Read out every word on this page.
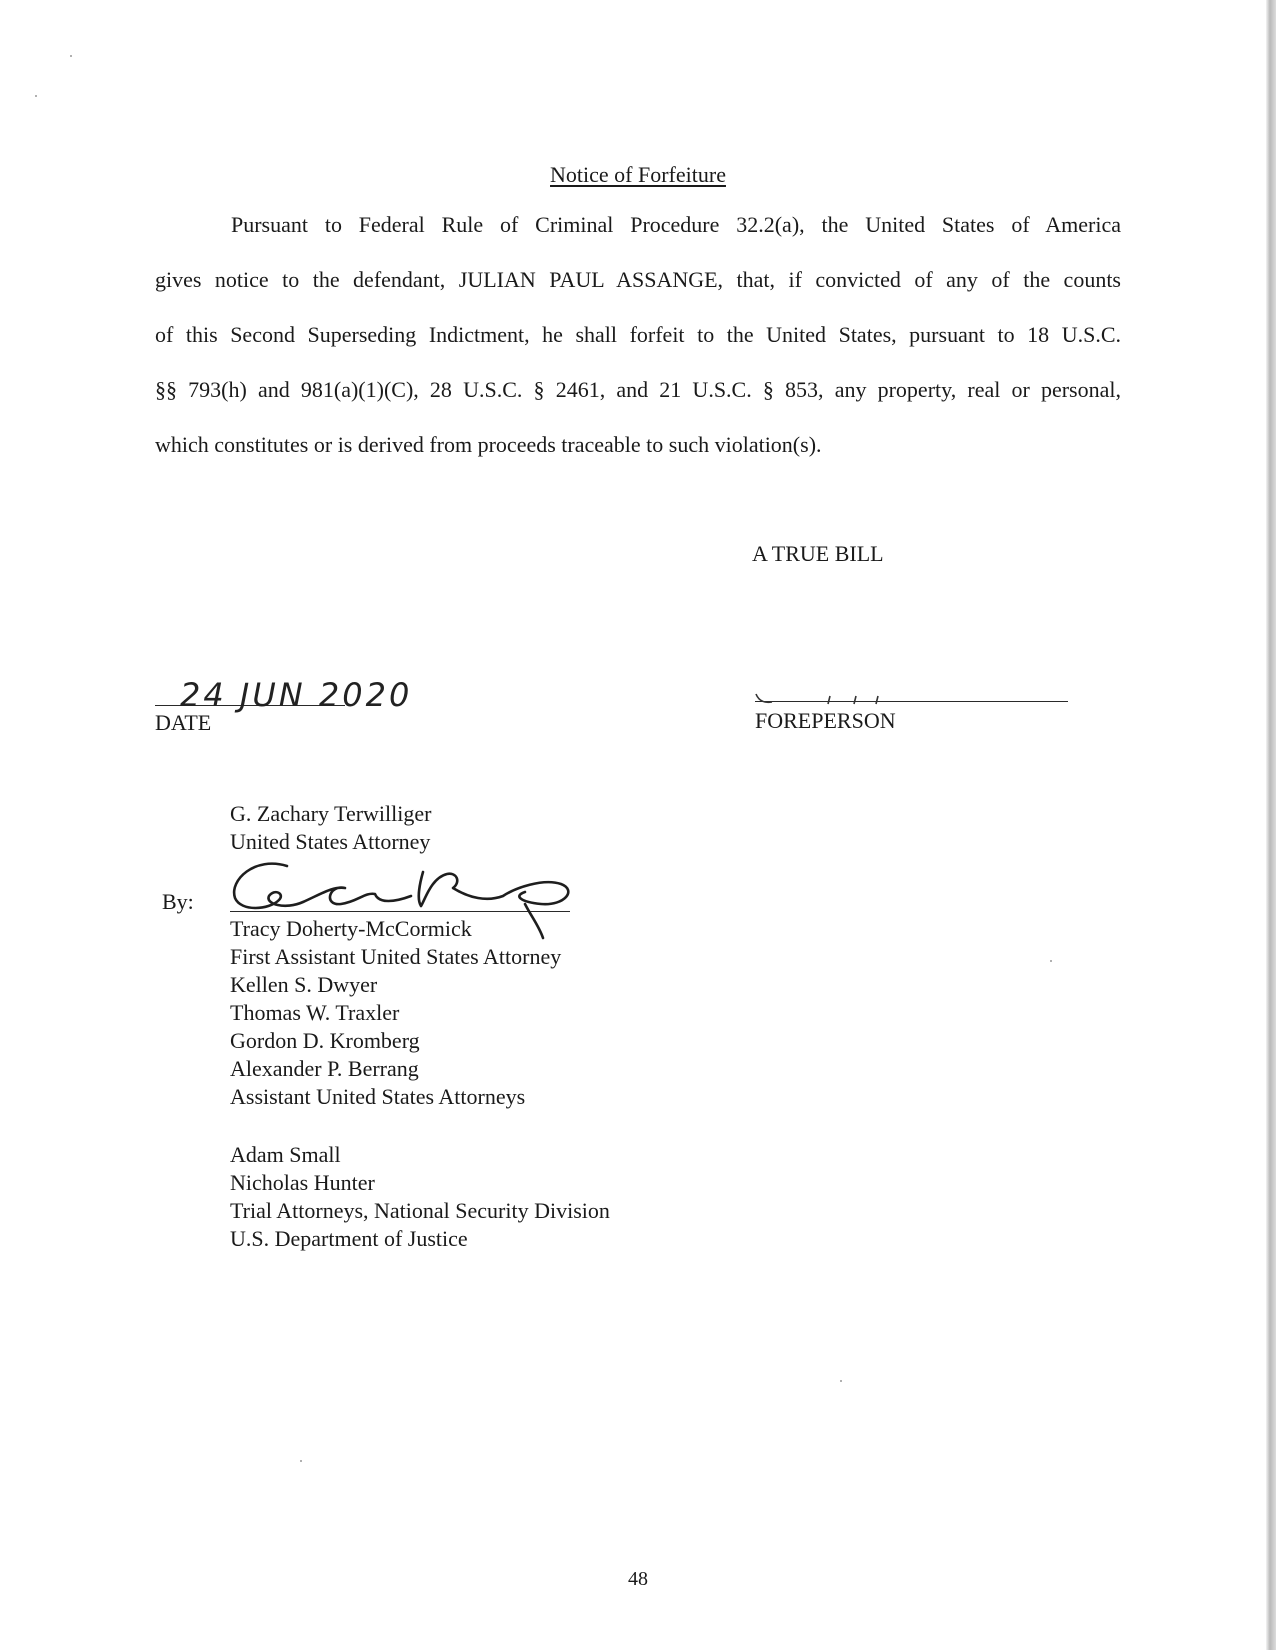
Notice of Forfeiture
Pursuant to Federal Rule of Criminal Procedure 32.2(a), the United States of America
gives notice to the defendant, JULIAN PAUL ASSANGE, that, if convicted of any of the counts
of this Second Superseding Indictment, he shall forfeit to the United States, pursuant to 18 U.S.C.
§§ 793(h) and 981(a)(1)(C), 28 U.S.C. § 2461, and 21 U.S.C. § 853, any property, real or personal,
which constitutes or is derived from proceeds traceable to such violation(s).
A TRUE BILL
24 JUN 2020
DATE	FOREPERSON
G. Zachary Terwilliger
United States Attorney
By:
Tracy Doherty-McCormick
First Assistant United States Attorney
Kellen S. Dwyer
Thomas W. Traxler
Gordon D. Kromberg
Alexander P. Berrang
Assistant United States Attorneys
Adam Small
Nicholas Hunter
Trial Attorneys, National Security Division
U.S. Department of Justice
48
